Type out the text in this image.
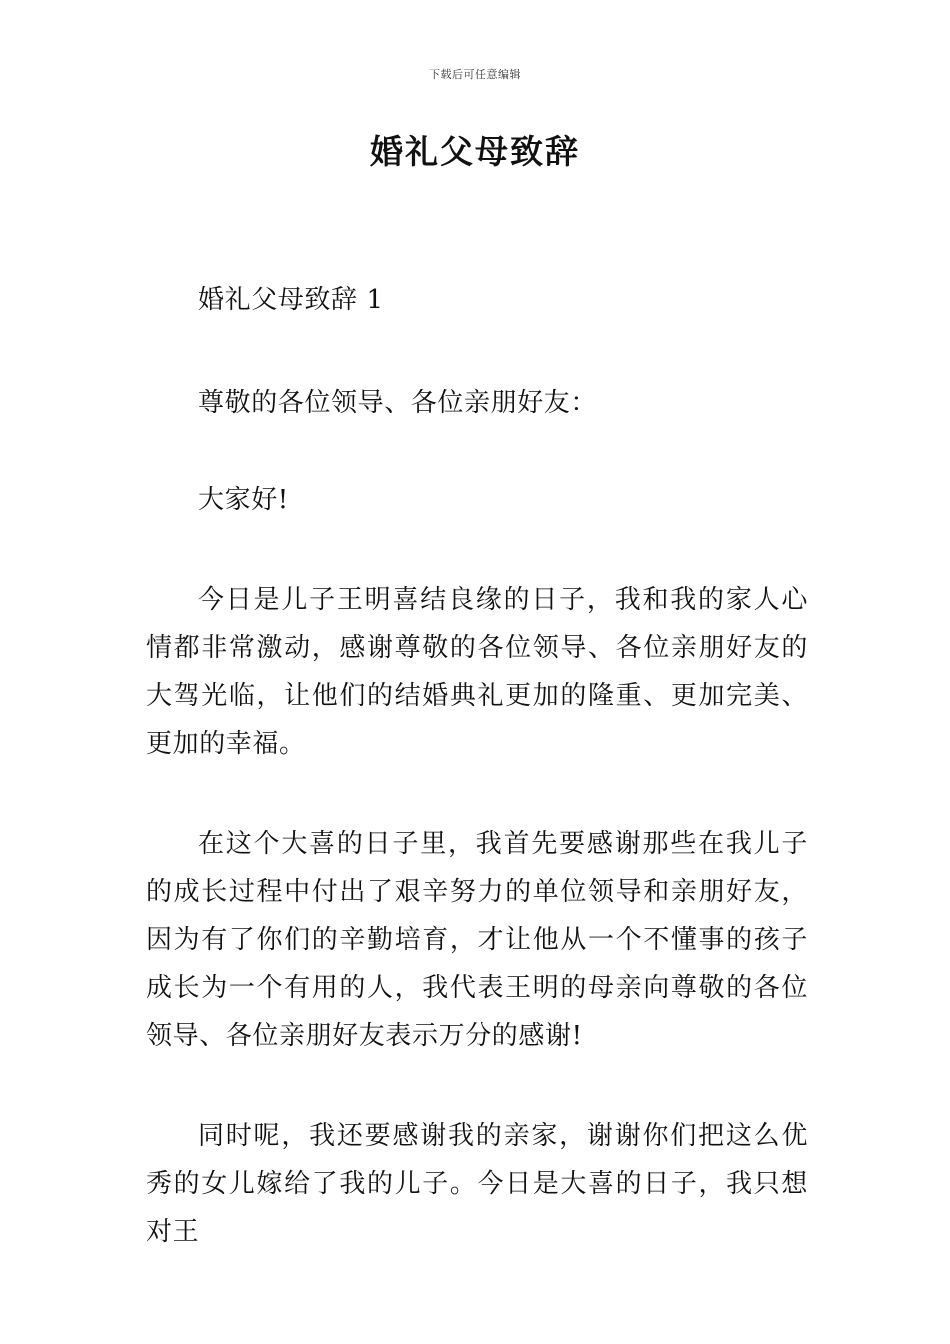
下载后可任意编辑
婚礼父母致辞

婚礼父母致辞 1

尊敬的各位领导、各位亲朋好友：

大家好!

今日是儿子王明喜结良缘的日子，我和我的家人心情都非常激动，感谢尊敬的各位领导、各位亲朋好友的大驾光临，让他们的结婚典礼更加的隆重、更加完美、更加的幸福。

在这个大喜的日子里，我首先要感谢那些在我儿子的成长过程中付出了艰辛努力的单位领导和亲朋好友，因为有了你们的辛勤培育，才让他从一个不懂事的孩子成长为一个有用的人，我代表王明的母亲向尊敬的各位领导、各位亲朋好友表示万分的感谢!

同时呢，我还要感谢我的亲家，谢谢你们把这么优秀的女儿嫁给了我的儿子。今日是大喜的日子，我只想对王
